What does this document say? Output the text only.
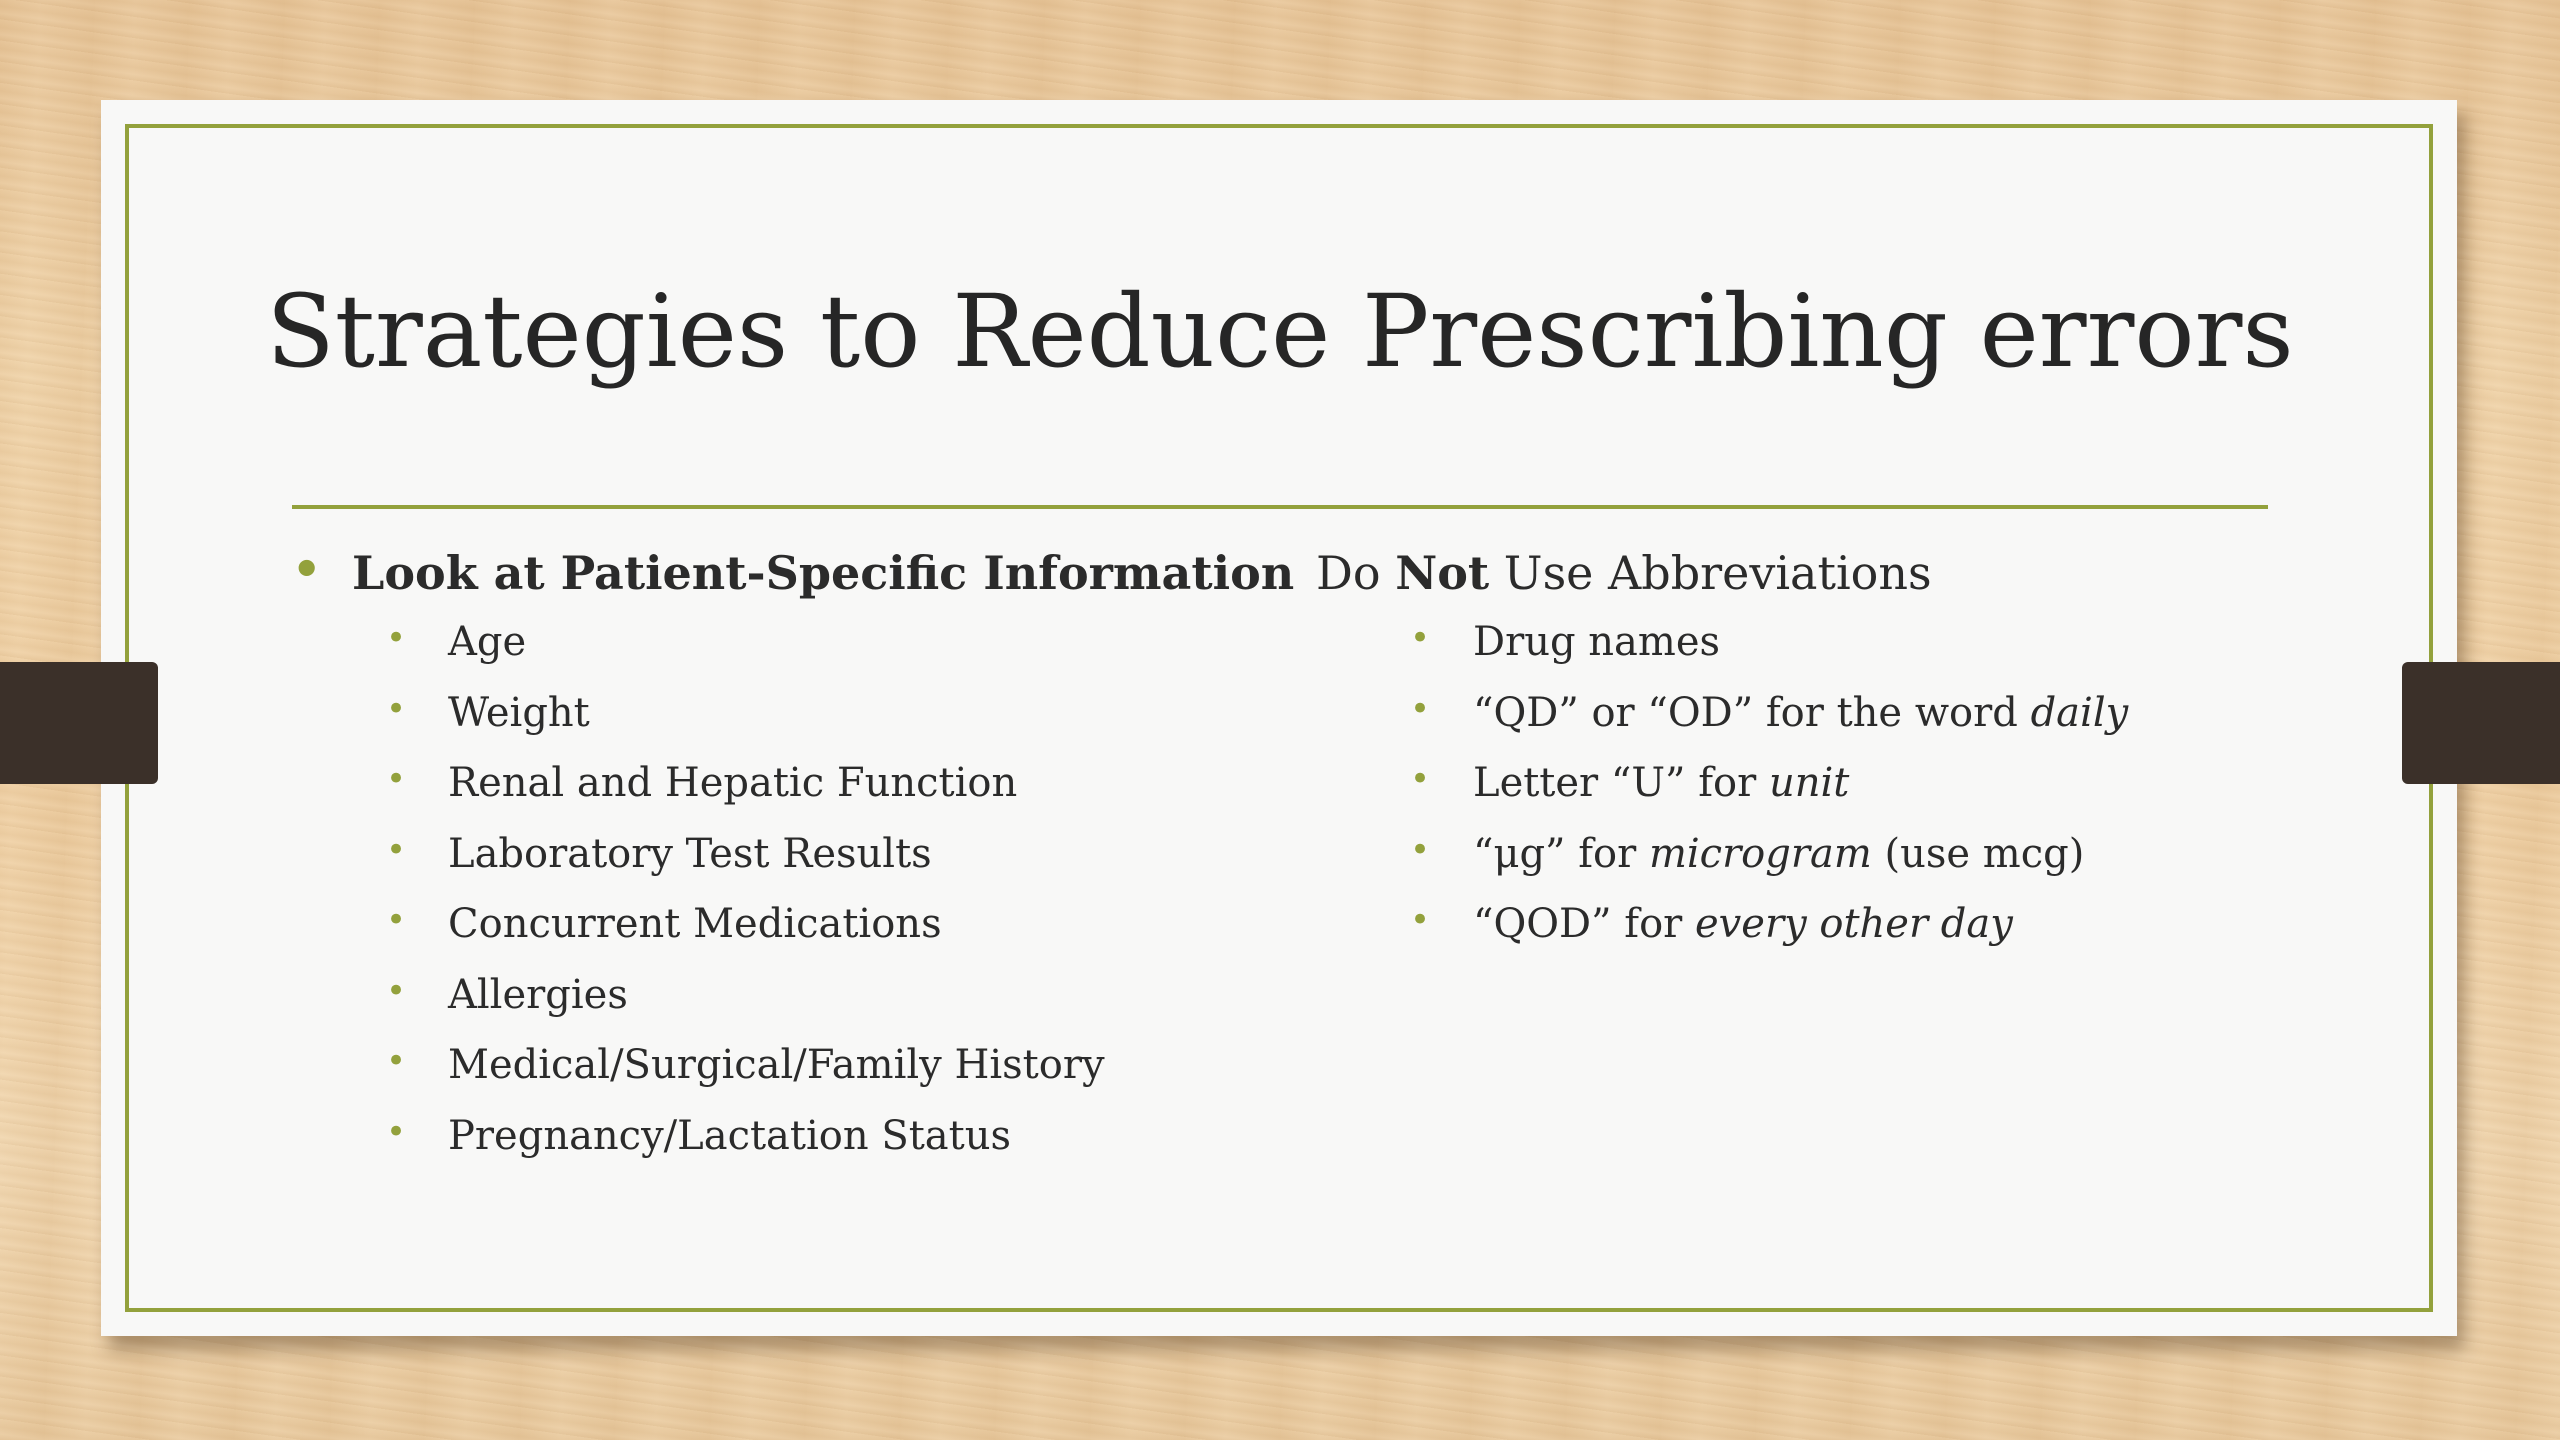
Strategies to Reduce Prescribing errors
• Look at Patient-Specific Information
• Age
• Weight
• Renal and Hepatic Function
• Laboratory Test Results
• Concurrent Medications
• Allergies
• Medical/Surgical/Family History
• Pregnancy/Lactation Status
Do Not Use Abbreviations
• Drug names
• “QD” or “OD” for the word daily
• Letter “U” for unit
• “μg” for microgram (use mcg)
• “QOD” for every other day
